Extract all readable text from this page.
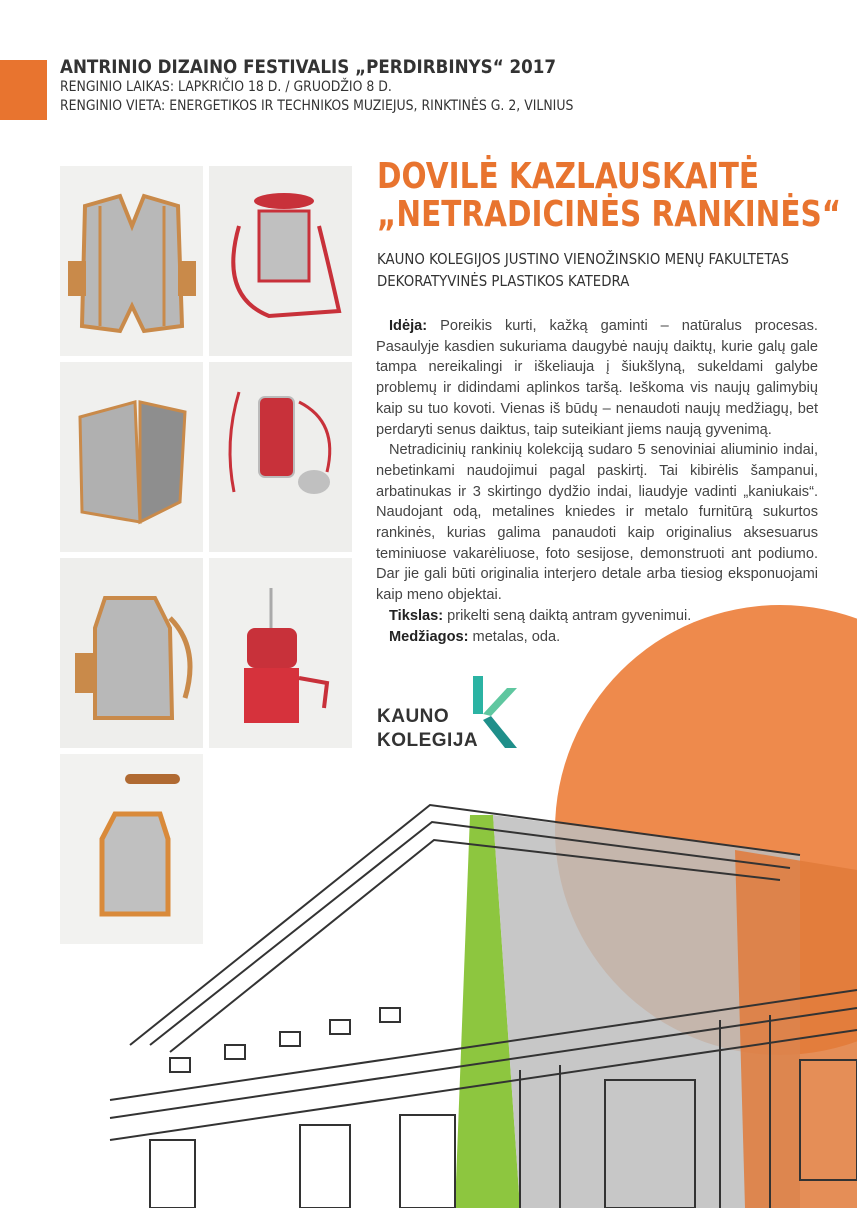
ANTRINIO DIZAINO FESTIVALIS „PERDIRBINYS“ 2017
RENGINIO LAIKAS: LAPKRIČIO 18 D. / GRUODŽIO 8 D.
RENGINIO VIETA: ENERGETIKOS IR TECHNIKOS MUZIEJUS, RINKTINĖS G. 2, VILNIUS
DOVILĖ KAZLAUSKAITĖ
„NETRADICINĖS RANKINĖS“
KAUNO KOLEGIJOS JUSTINO VIENOŽINSKIO MENŲ FAKULTETAS
DEKORATYVINĖS PLASTIKOS KATEDRA

Idėja: Poreikis kurti, kažką gaminti – natūralus procesas. Pasaulyje kasdien sukuriama daugybė naujų daiktų, kurie galų gale tampa nereikalingi ir iškeliauja į šiukšlyną, sukeldami galybe problemų ir didindami aplinkos taršą. Ieškoma vis naujų galimybių kaip su tuo kovoti. Vienas iš būdų – nenaudoti naujų medžiagų, bet perdaryti senus daiktus, taip suteikiant jiems naują gyvenimą.

Netradicinių rankinių kolekciją sudaro 5 senoviniai aliuminio indai, nebetinkami naudojimui pagal paskirtį. Tai kibirėlis šampanui, arbatinukas ir 3 skirtingo dydžio indai, liaudyje vadinti „kaniukais“. Naudojant odą, metalines kniedes ir metalo furnitūrą sukurtos rankinės, kurias galima panaudoti kaip originalius aksesuarus teminiuose vakarėliuose, foto sesijose, demonstruoti ant podiumo. Dar jie gali būti originalia interjero detale arba tiesiog eksponuojami kaip meno objektai.

Tikslas: prikelti seną daiktą antram gyvenimui.

Medžiagos: metalas, oda.

KAUNO
KOLEGIJA
